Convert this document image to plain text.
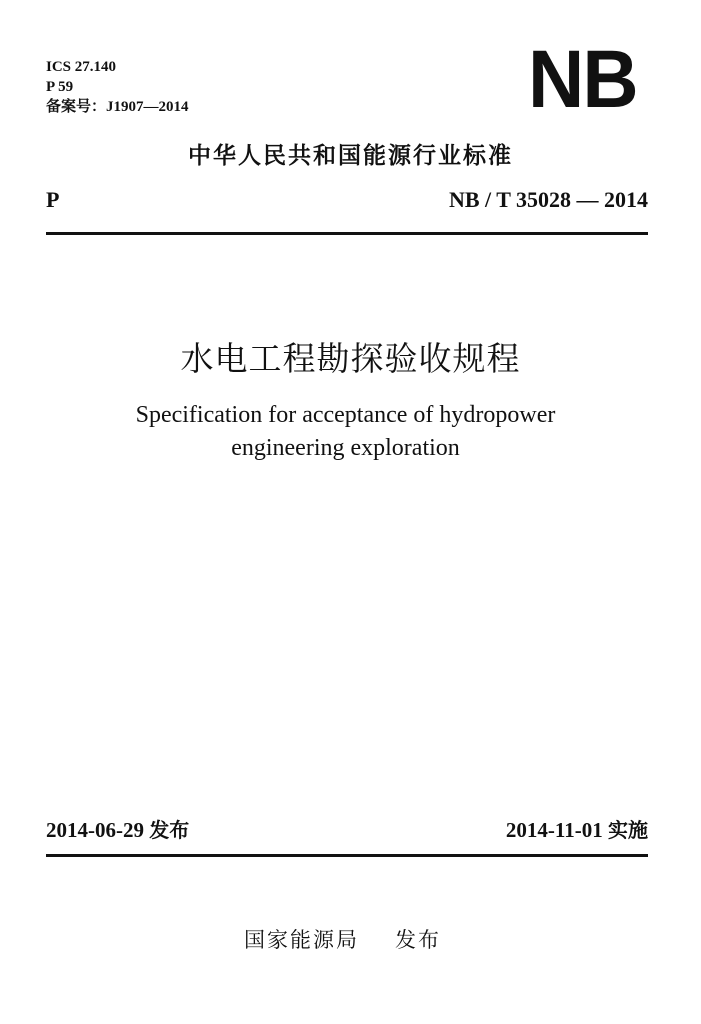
ICS 27.140
P 59
备案号：J1907—2014	NB
中华人民共和国能源行业标准
P	NB / T 35028 — 2014
水电工程勘探验收规程
Specification for acceptance of hydropower
engineering exploration
2014-06-29 发布	2014-11-01 实施
国家能源局 发布
